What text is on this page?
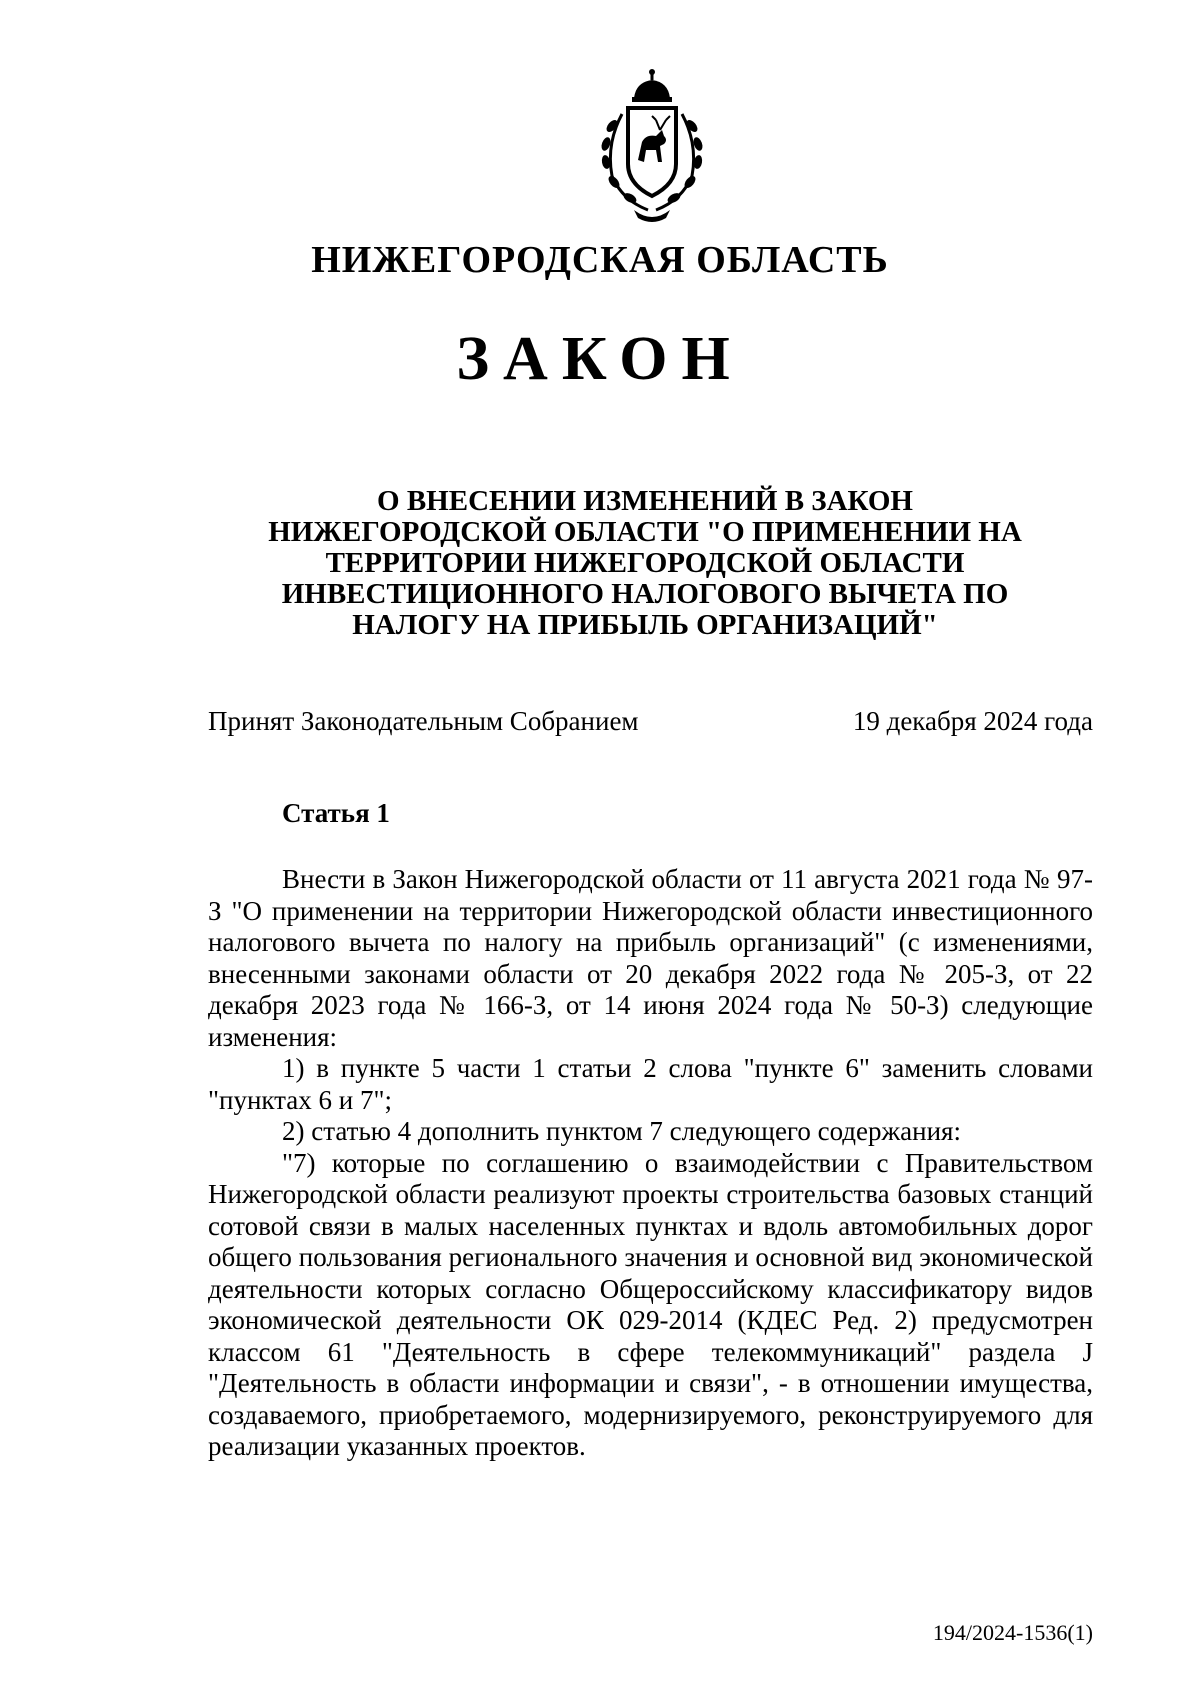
НИЖЕГОРОДСКАЯ ОБЛАСТЬ
ЗАКОН
О ВНЕСЕНИИ ИЗМЕНЕНИЙ В ЗАКОН НИЖЕГОРОДСКОЙ ОБЛАСТИ "О ПРИМЕНЕНИИ НА ТЕРРИТОРИИ НИЖЕГОРОДСКОЙ ОБЛАСТИ ИНВЕСТИЦИОННОГО НАЛОГОВОГО ВЫЧЕТА ПО НАЛОГУ НА ПРИБЫЛЬ ОРГАНИЗАЦИЙ"
Принят Законодательным Собранием	19 декабря 2024 года
Статья 1

Внести в Закон Нижегородской области от 11 августа 2021 года № 97-З "О применении на территории Нижегородской области инвестиционного налогового вычета по налогу на прибыль организаций" (с изменениями, внесенными законами области от 20 декабря 2022 года № 205-З, от 22 декабря 2023 года № 166-З, от 14 июня 2024 года № 50-З) следующие изменения:

1) в пункте 5 части 1 статьи 2 слова "пункте 6" заменить словами "пунктах 6 и 7";

2) статью 4 дополнить пунктом 7 следующего содержания:

"7) которые по соглашению о взаимодействии с Правительством Нижегородской области реализуют проекты строительства базовых станций сотовой связи в малых населенных пунктах и вдоль автомобильных дорог общего пользования регионального значения и основной вид экономической деятельности которых согласно Общероссийскому классификатору видов экономической деятельности ОК 029-2014 (КДЕС Ред. 2) предусмотрен классом 61 "Деятельность в сфере телекоммуникаций" раздела J "Деятельность в области информации и связи", - в отношении имущества, создаваемого, приобретаемого, модернизируемого, реконструируемого для реализации указанных проектов.

194/2024-1536(1)
